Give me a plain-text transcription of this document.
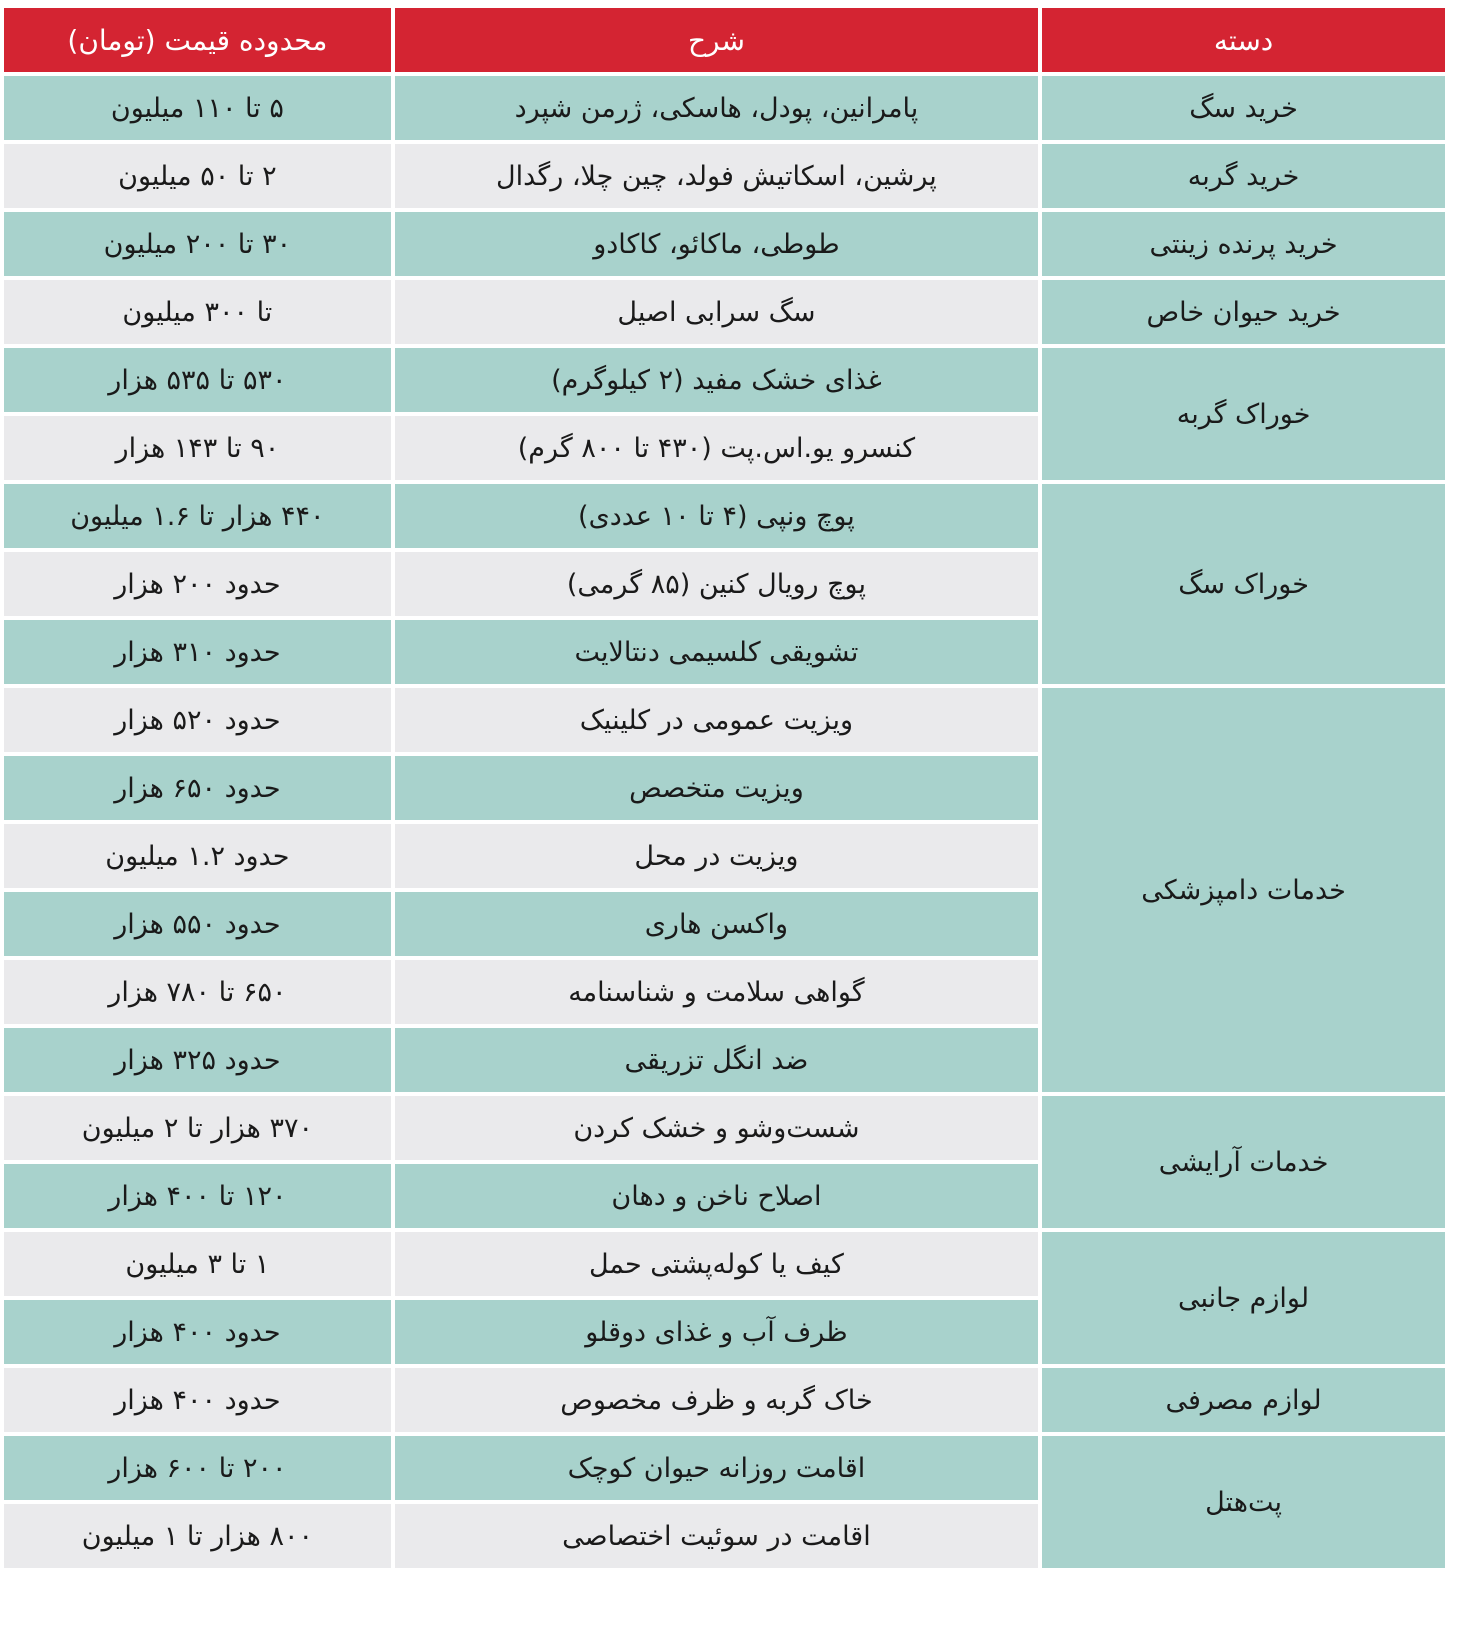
دسته	شرح	محدوده قیمت (تومان)
خرید سگ	پامرانین، پودل، هاسکی، ژرمن شپرد	۵ تا ۱۱۰ میلیون
خرید گربه	پرشین، اسکاتیش فولد، چین چلا، رگدال	۲ تا ۵۰ میلیون
خرید پرنده زینتی	طوطی، ماکائو، کاکادو	۳۰ تا ۲۰۰ میلیون
خرید حیوان خاص	سگ سرابی اصیل	تا ۳۰۰ میلیون
خوراک گربه	غذای خشک مفید (۲ کیلوگرم)	۵۳۰ تا ۵۳۵ هزار
	کنسرو یو.اس.پت (۴۳۰ تا ۸۰۰ گرم)	۹۰ تا ۱۴۳ هزار
خوراک سگ	پوچ ونپی (۴ تا ۱۰ عددی)	۴۴۰ هزار تا ۱.۶ میلیون
	پوچ رویال کنین (۸۵ گرمی)	حدود ۲۰۰ هزار
	تشویقی کلسیمی دنتالایت	حدود ۳۱۰ هزار
خدمات دامپزشکی	ویزیت عمومی در کلینیک	حدود ۵۲۰ هزار
	ویزیت متخصص	حدود ۶۵۰ هزار
	ویزیت در محل	حدود ۱.۲ میلیون
	واکسن هاری	حدود ۵۵۰ هزار
	گواهی سلامت و شناسنامه	۶۵۰ تا ۷۸۰ هزار
	ضد انگل تزریقی	حدود ۳۲۵ هزار
خدمات آرایشی	شست‌وشو و خشک کردن	۳۷۰ هزار تا ۲ میلیون
	اصلاح ناخن و دهان	۱۲۰ تا ۴۰۰ هزار
لوازم جانبی	کیف یا کوله‌پشتی حمل	۱ تا ۳ میلیون
	ظرف آب و غذای دوقلو	حدود ۴۰۰ هزار
لوازم مصرفی	خاک گربه و ظرف مخصوص	حدود ۴۰۰ هزار
پت‌هتل	اقامت روزانه حیوان کوچک	۲۰۰ تا ۶۰۰ هزار
	اقامت در سوئیت اختصاصی	۸۰۰ هزار تا ۱ میلیون
